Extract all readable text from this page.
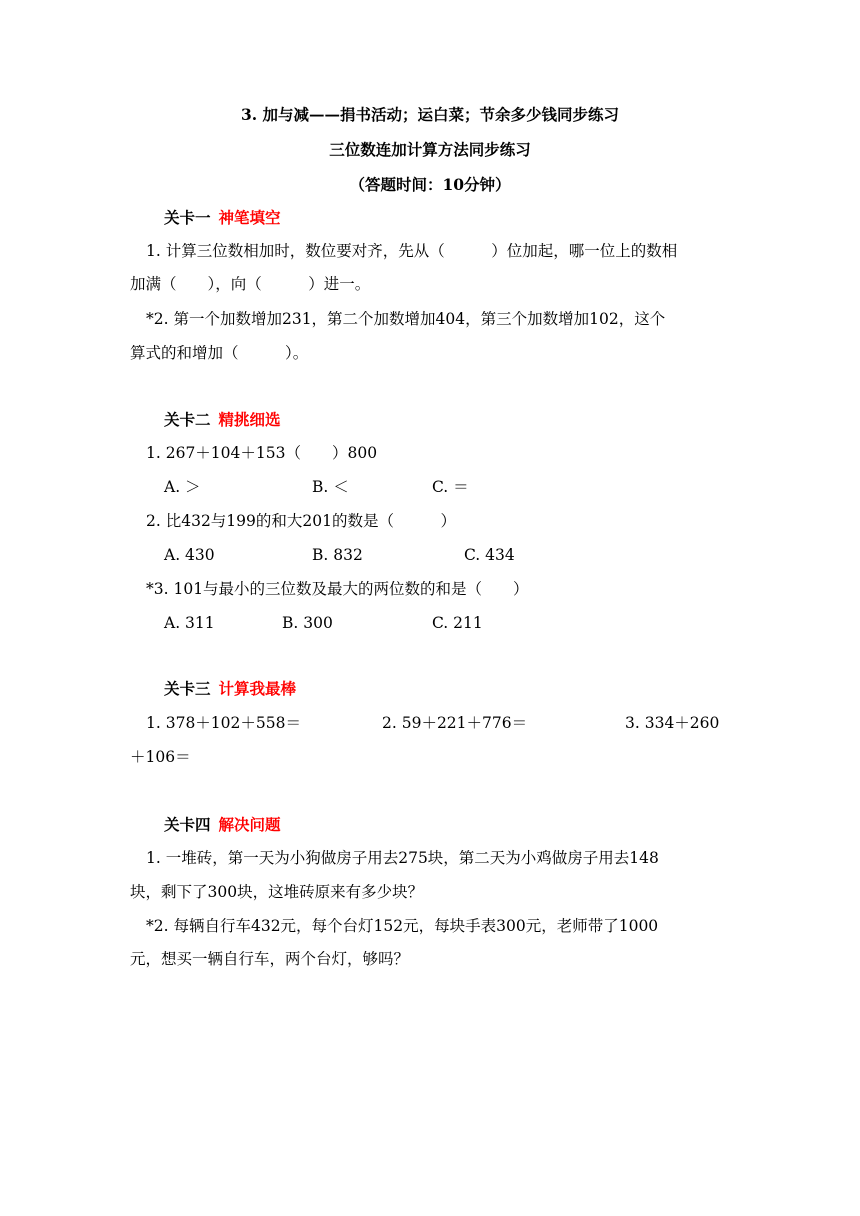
3. 加与减——捐书活动；运白菜；节余多少钱同步练习
三位数连加计算方法同步练习
（答题时间：10分钟）
关卡一 神笔填空
1. 计算三位数相加时，数位要对齐，先从（　　　）位加起，哪一位上的数相
加满（　　），向（　　　）进一。
*2. 第一个加数增加231，第二个加数增加404，第三个加数增加102，这个
算式的和增加（　　　）。
关卡二 精挑细选
1. 267＋104＋153（　　）800
A. ＞	B. ＜	C. ＝
2. 比432与199的和大201的数是（　　　）
A. 430	B. 832	C. 434
*3. 101与最小的三位数及最大的两位数的和是（　　）
A. 311	B. 300	C. 211
关卡三 计算我最棒
1. 378＋102＋558＝	2. 59＋221＋776＝	3. 334＋260
＋106＝
关卡四 解决问题
1. 一堆砖，第一天为小狗做房子用去275块，第二天为小鸡做房子用去148
块，剩下了300块，这堆砖原来有多少块？
*2. 每辆自行车432元，每个台灯152元，每块手表300元，老师带了1000
元，想买一辆自行车，两个台灯，够吗？
